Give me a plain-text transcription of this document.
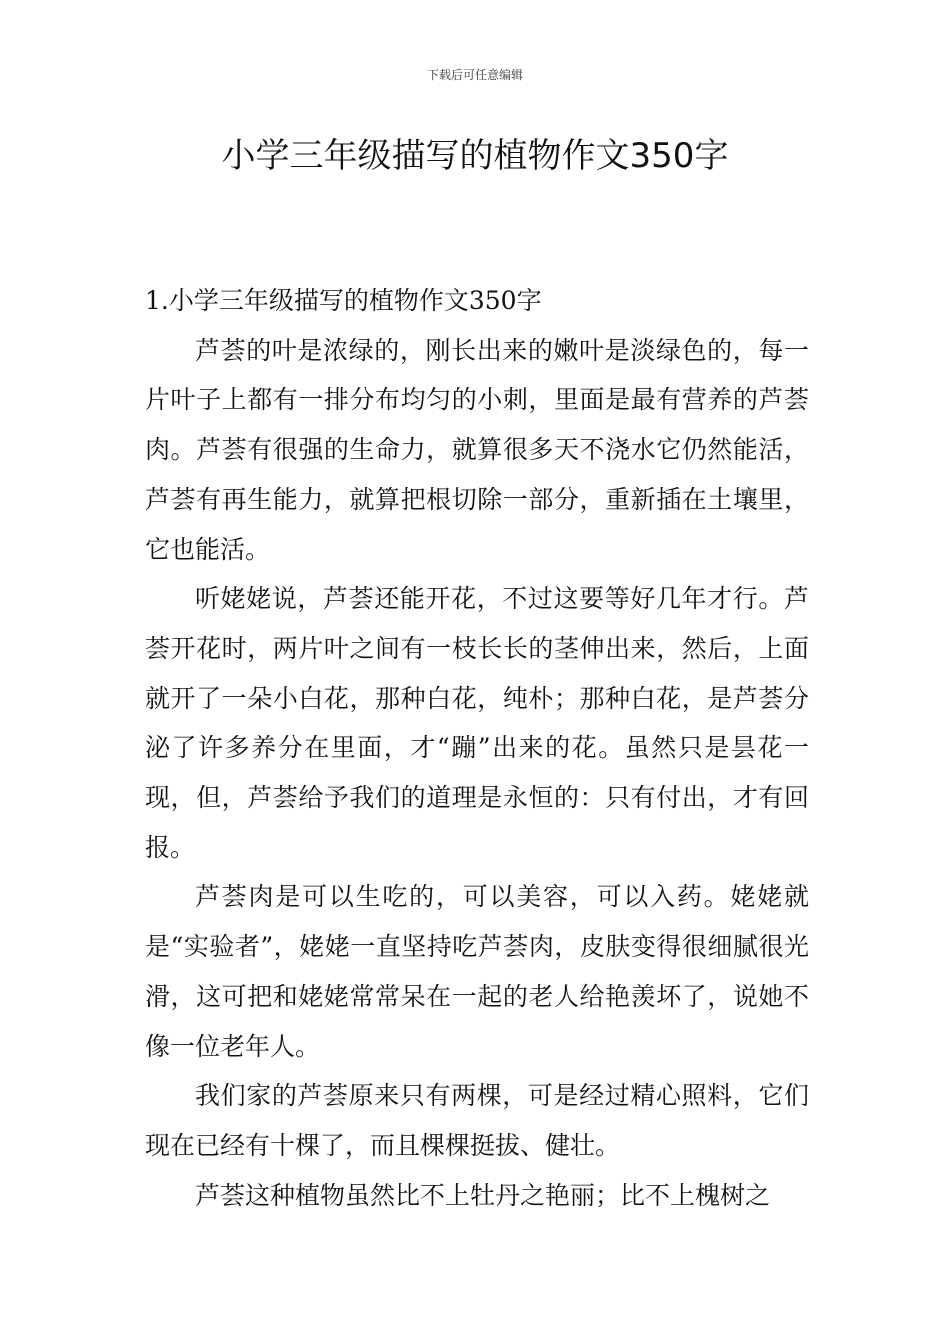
下载后可任意编辑
小学三年级描写的植物作文350字

1.小学三年级描写的植物作文350字

芦荟的叶是浓绿的，刚长出来的嫩叶是淡绿色的，每一片叶子上都有一排分布均匀的小刺，里面是最有营养的芦荟肉。芦荟有很强的生命力，就算很多天不浇水它仍然能活，芦荟有再生能力，就算把根切除一部分，重新插在土壤里，它也能活。

听姥姥说，芦荟还能开花，不过这要等好几年才行。芦荟开花时，两片叶之间有一枝长长的茎伸出来，然后，上面就开了一朵小白花，那种白花，纯朴；那种白花，是芦荟分泌了许多养分在里面，才“蹦”出来的花。虽然只是昙花一现，但，芦荟给予我们的道理是永恒的：只有付出，才有回报。

芦荟肉是可以生吃的，可以美容，可以入药。姥姥就是“实验者”，姥姥一直坚持吃芦荟肉，皮肤变得很细腻很光滑，这可把和姥姥常常呆在一起的老人给艳羡坏了，说她不像一位老年人。

我们家的芦荟原来只有两棵，可是经过精心照料，它们现在已经有十棵了，而且棵棵挺拔、健壮。

芦荟这种植物虽然比不上牡丹之艳丽；比不上槐树之
